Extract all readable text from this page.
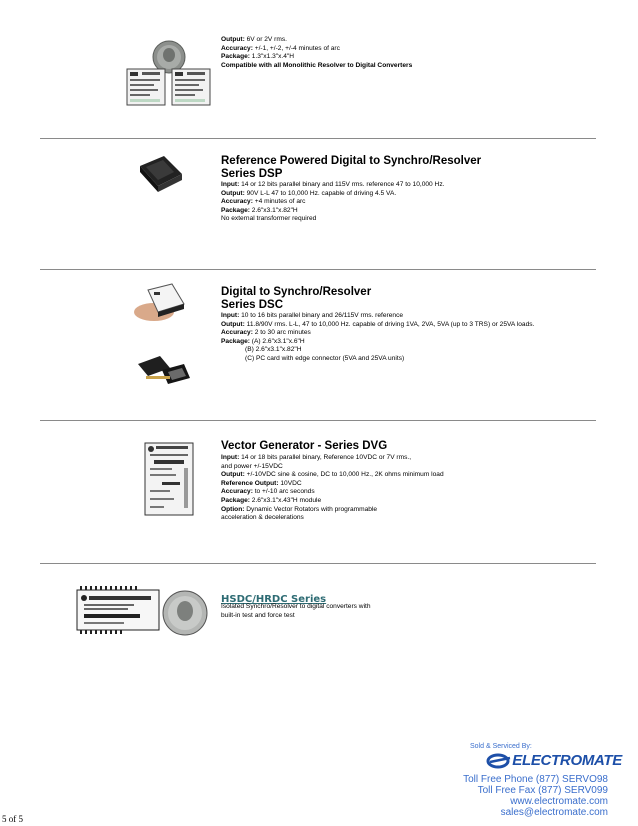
Output: 6V or 2V rms.
Accuracy: +/-1, +/-2, +/-4 minutes of arc
Package: 1.3"x1.3"x.4"H
Compatible with all Monolithic Resolver to Digital Converters
Reference Powered Digital to Synchro/Resolver
Series DSP
Input: 14 or 12 bits parallel binary and 115V rms. reference 47 to 10,000 Hz.
Output: 90V L-L 47 to 10,000 Hz. capable of driving 4.5 VA.
Accuracy: +4 minutes of arc
Package: 2.6"x3.1"x.82"H
No external transformer required
Digital to Synchro/Resolver
Series DSC
Input: 10 to 16 bits parallel binary and 26/115V rms. reference
Output: 11.8/90V rms. L-L, 47 to 10,000 Hz. capable of driving 1VA, 2VA, 5VA (up to 3 TRS) or 25VA loads.
Accuracy: 2 to 30 arc minutes
Package: (A) 2.6"x3.1"x.6"H
(B) 2.6"x3.1"x.82"H
(C) PC card with edge connector (5VA and 25VA units)
Vector Generator - Series DVG
Input: 14 or 18 bits parallel binary, Reference 10VDC or 7V rms.,
and power +/-15VDC
Output: +/-10VDC sine & cosine, DC to 10,000 Hz., 2K ohms minimum load
Reference Output: 10VDC
Accuracy: to +/-10 arc seconds
Package: 2.6"x3.1"x.43"H module
Option: Dynamic Vector Rotators with programmable
acceleration & decelerations
HSDC/HRDC Series
Isolated Synchro/Resolver to digital converters with
built-in test and force test
Sold & Serviced By:
ELECTROMATE
Toll Free Phone (877) SERVO98
Toll Free Fax (877) SERV099
www.electromate.com
sales@electromate.com
5 of 5
